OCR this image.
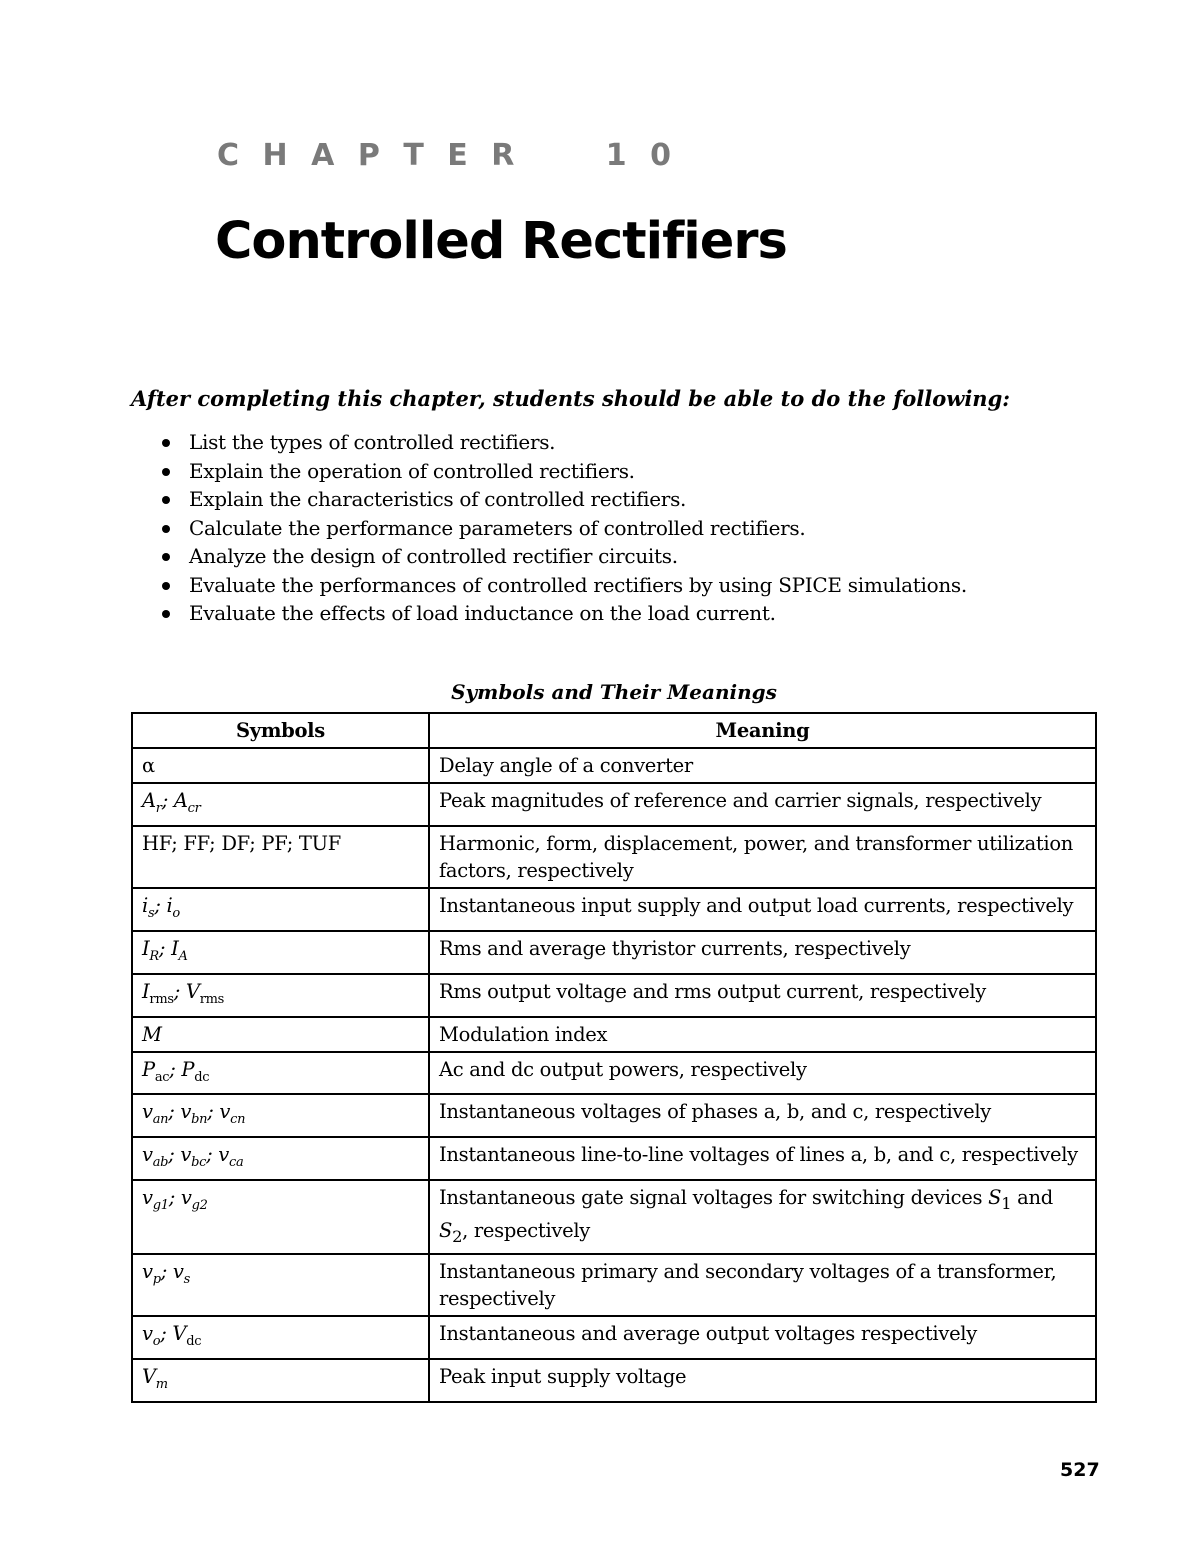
CHAPTER  10
Controlled Rectifiers
After completing this chapter, students should be able to do the following:
List the types of controlled rectifiers.
Explain the operation of controlled rectifiers.
Explain the characteristics of controlled rectifiers.
Calculate the performance parameters of controlled rectifiers.
Analyze the design of controlled rectifier circuits.
Evaluate the performances of controlled rectifiers by using SPICE simulations.
Evaluate the effects of load inductance on the load current.
Symbols and Their Meanings
Symbols	Meaning
α	Delay angle of a converter
$A_r$; $A_{cr}$	Peak magnitudes of reference and carrier signals, respectively
HF; FF; DF; PF; TUF	Harmonic, form, displacement, power, and transformer utilization factors, respectively
$i_s$; $i_o$	Instantaneous input supply and output load currents, respectively
$I_R$; $I_A$	Rms and average thyristor currents, respectively
$I_{rms}$; $V_{rms}$	Rms output voltage and rms output current, respectively
M	Modulation index
$P_{ac}$; $P_{dc}$	Ac and dc output powers, respectively
$v_{an}$; $v_{bn}$; $v_{cn}$	Instantaneous voltages of phases a, b, and c, respectively
$v_{ab}$; $v_{bc}$; $v_{ca}$	Instantaneous line-to-line voltages of lines a, b, and c, respectively
$v_{g1}$; $v_{g2}$	Instantaneous gate signal voltages for switching devices $S_1$ and $S_2$, respectively
$v_p$; $v_s$	Instantaneous primary and secondary voltages of a transformer, respectively
$v_o$; $V_{dc}$	Instantaneous and average output voltages respectively
$V_m$	Peak input supply voltage
527
